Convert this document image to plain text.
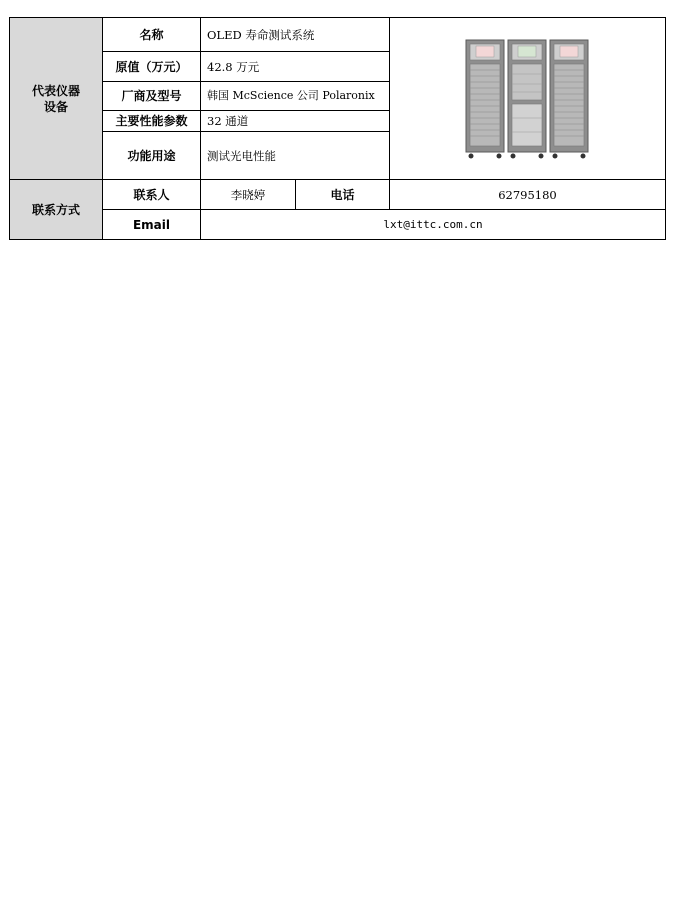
代表仪器
设备	名称	OLED 寿命测试系统	

	原值（万元）	42.8 万元		
	厂商及型号	韩国 McScience 公司 Polaronix		
	主要性能参数	32 通道		
	功能用途	测试光电性能		
联系方式	联系人	李晓婷	电话	62795180
	Email	lxt@ittc.com.cn		
